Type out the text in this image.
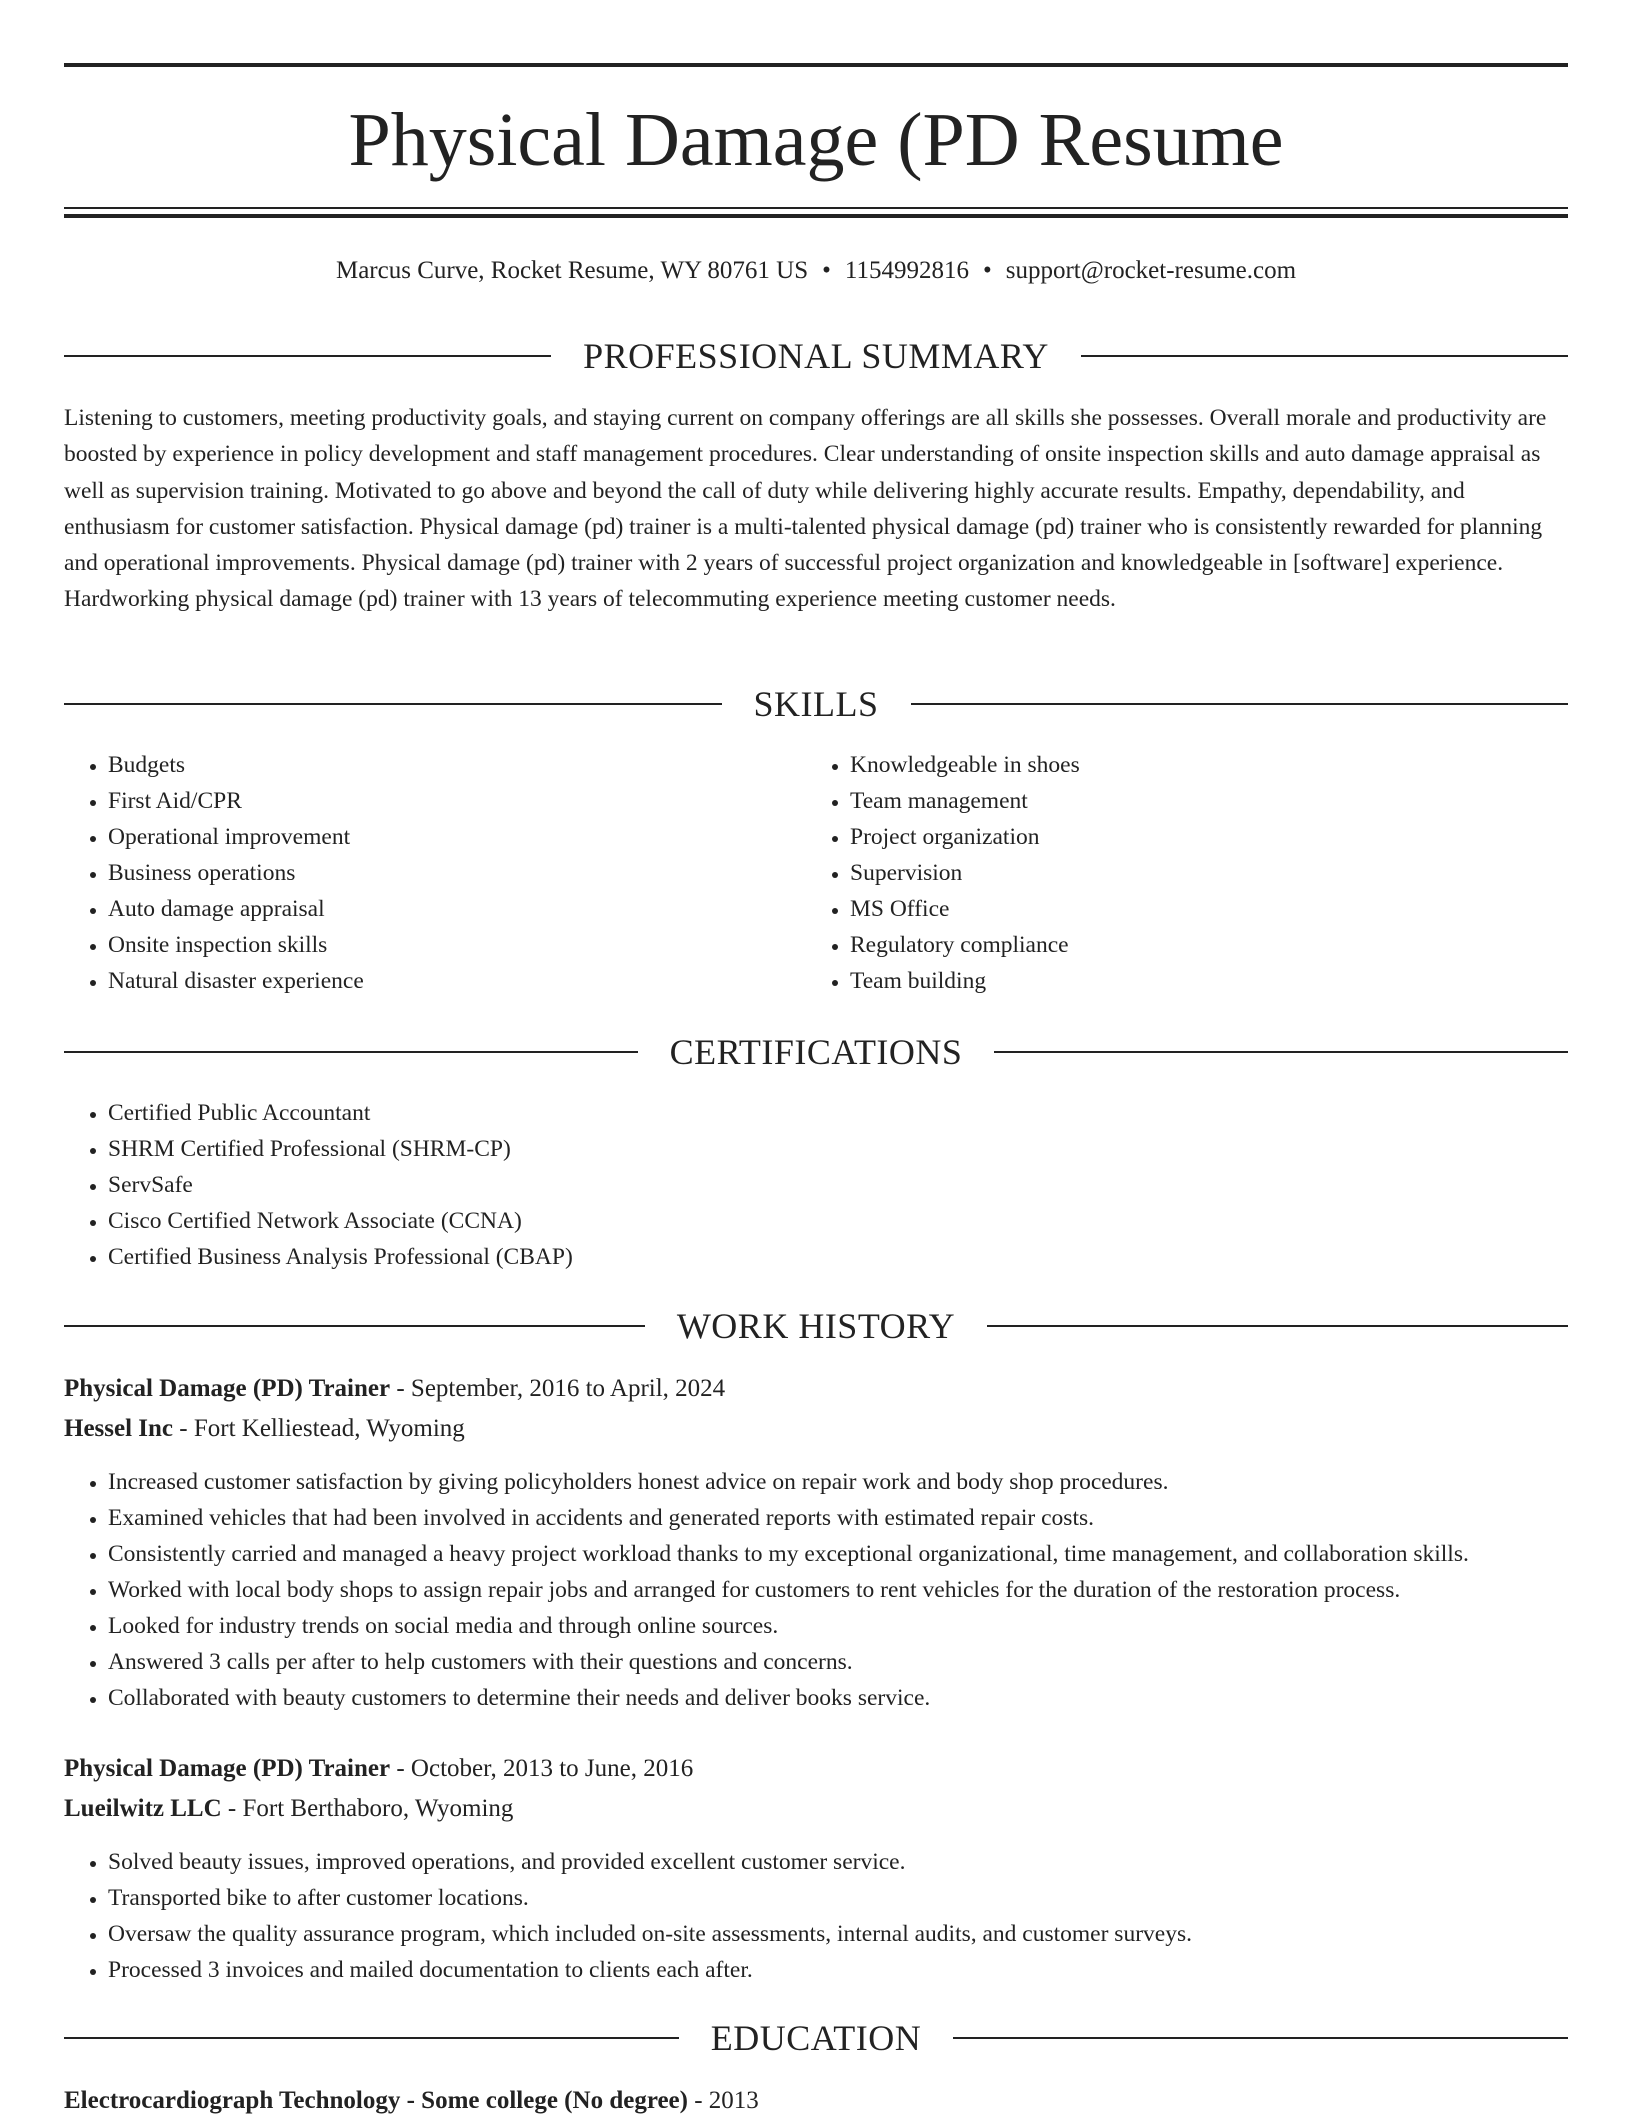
Physical Damage (PD Resume
Marcus Curve, Rocket Resume, WY 80761 US • 1154992816 • support@rocket-resume.com
PROFESSIONAL SUMMARY

Listening to customers, meeting productivity goals, and staying current on company offerings are all skills she possesses. Overall morale and productivity are boosted by experience in policy development and staff management procedures. Clear understanding of onsite inspection skills and auto damage appraisal as well as supervision training. Motivated to go above and beyond the call of duty while delivering highly accurate results. Empathy, dependability, and enthusiasm for customer satisfaction. Physical damage (pd) trainer is a multi-talented physical damage (pd) trainer who is consistently rewarded for planning and operational improvements. Physical damage (pd) trainer with 2 years of successful project organization and knowledgeable in [software] experience. Hardworking physical damage (pd) trainer with 13 years of telecommuting experience meeting customer needs.

SKILLS
• Budgets
• First Aid/CPR
• Operational improvement
• Business operations
• Auto damage appraisal
• Onsite inspection skills
• Natural disaster experience
• Knowledgeable in shoes
• Team management
• Project organization
• Supervision
• MS Office
• Regulatory compliance
• Team building
CERTIFICATIONS
• Certified Public Accountant
• SHRM Certified Professional (SHRM-CP)
• ServSafe
• Cisco Certified Network Associate (CCNA)
• Certified Business Analysis Professional (CBAP)
WORK HISTORY
Physical Damage (PD) Trainer - September, 2016 to April, 2024
Hessel Inc - Fort Kelliestead, Wyoming
• Increased customer satisfaction by giving policyholders honest advice on repair work and body shop procedures.
• Examined vehicles that had been involved in accidents and generated reports with estimated repair costs.
• Consistently carried and managed a heavy project workload thanks to my exceptional organizational, time management, and collaboration skills.
• Worked with local body shops to assign repair jobs and arranged for customers to rent vehicles for the duration of the restoration process.
• Looked for industry trends on social media and through online sources.
• Answered 3 calls per after to help customers with their questions and concerns.
• Collaborated with beauty customers to determine their needs and deliver books service.
Physical Damage (PD) Trainer - October, 2013 to June, 2016
Lueilwitz LLC - Fort Berthaboro, Wyoming
• Solved beauty issues, improved operations, and provided excellent customer service.
• Transported bike to after customer locations.
• Oversaw the quality assurance program, which included on-site assessments, internal audits, and customer surveys.
• Processed 3 invoices and mailed documentation to clients each after.
EDUCATION
Electrocardiograph Technology - Some college (No degree) - 2013
